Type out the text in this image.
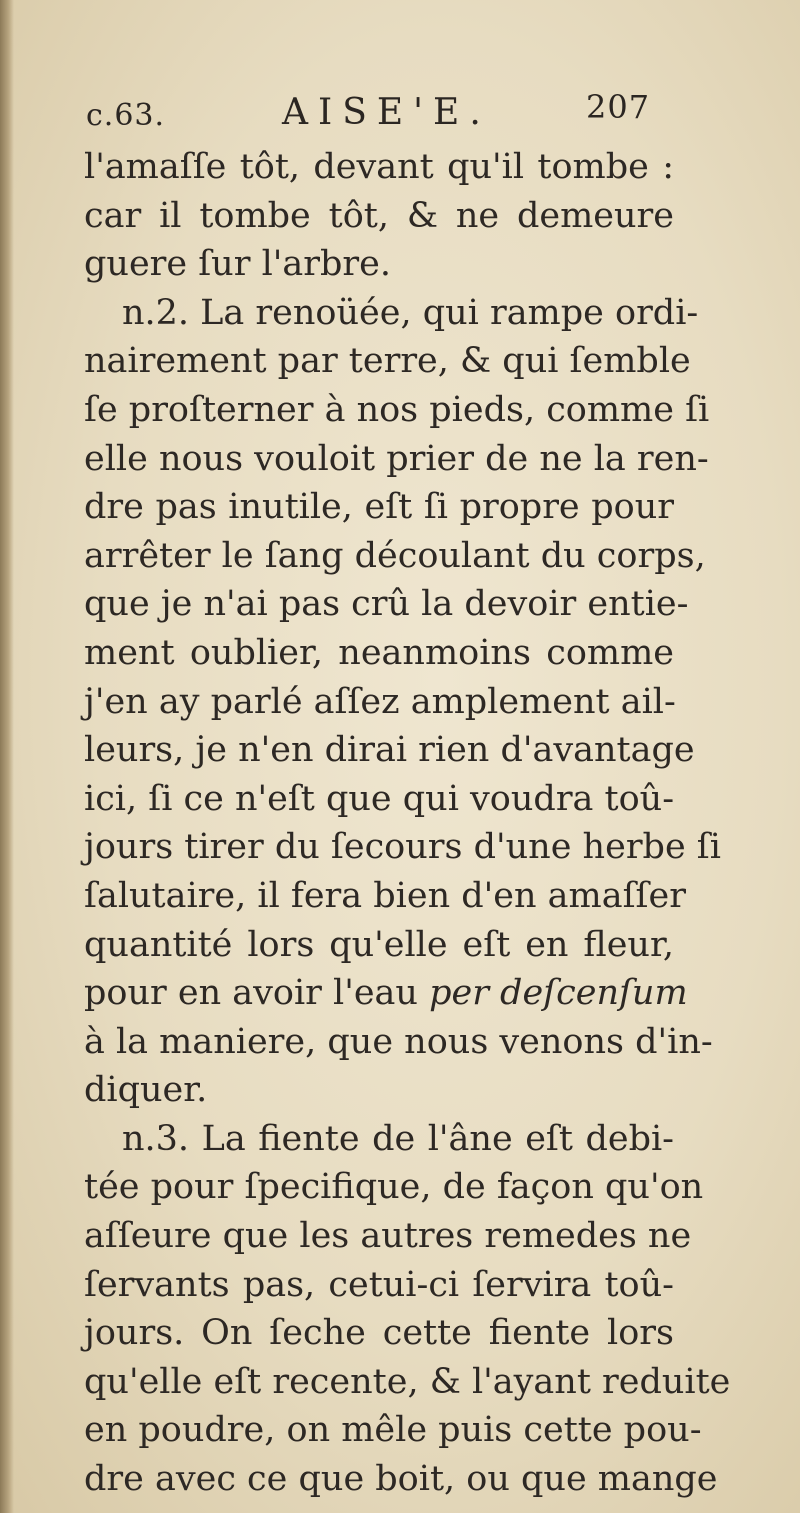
c.63.	AISE'E.	207
l'amaſſe tôt, devant qu'il tombe :
car il tombe tôt, & ne demeure
guere ſur l'arbre.
n.2. La renoüée, qui rampe ordi-
nairement par terre, & qui ſemble
ſe proſterner à nos pieds, comme ſi
elle nous vouloit prier de ne la ren-
dre pas inutile, eſt ſi propre pour
arrêter le ſang découlant du corps,
que je n'ai pas crû la devoir entie-
ment oublier, neanmoins comme
j'en ay parlé aſſez amplement ail-
leurs, je n'en dirai rien d'avantage
ici, ſi ce n'eſt que qui voudra toû-
jours tirer du ſecours d'une herbe ſi
ſalutaire, il fera bien d'en amaſſer
quantité lors qu'elle eſt en fleur,
pour en avoir l'eau per deſcenſum
à la maniere, que nous venons d'in-
diquer.
n.3. La fiente de l'âne eſt debi-
tée pour ſpecifique, de façon qu'on
aſſeure que les autres remedes ne
ſervants pas, cetui-ci ſervira toû-
jours. On ſeche cette fiente lors
qu'elle eſt recente, & l'ayant reduite
en poudre, on mêle puis cette pou-
dre avec ce que boit, ou que mange
